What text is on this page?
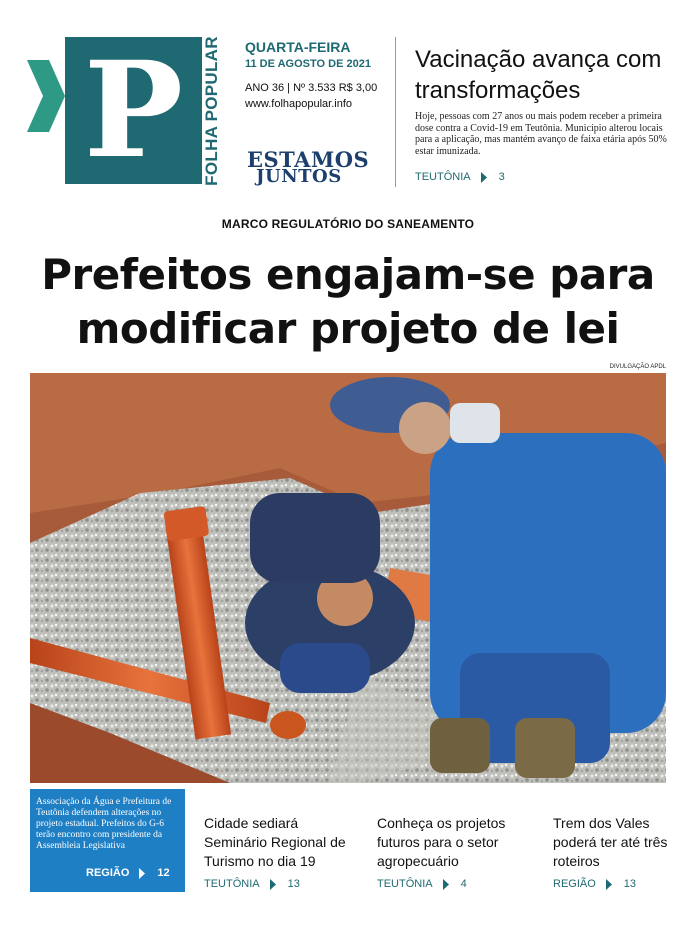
P	FOLHA POPULAR QUARTA-FEIRA
11 DE AGOSTO DE 2021
ANO 36 | Nº 3.533 R$ 3,00
www.folhapopular.info
ESTAMOS
JUNTOS
Vacinação avança com transformações
Hoje, pessoas com 27 anos ou mais podem receber a primeira dose contra a Covid-19 em Teutônia. Município alterou locais para a aplicação, mas mantém avanço de faixa etária após 50% estar imunizada.
TEUTÔNIA	3
MARCO REGULATÓRIO DO SANEAMENTO
Prefeitos engajam-se para modificar projeto de lei
DIVULGAÇÃO APDL
Associação da Água e Prefeitura de Teutônia defendem alterações no projeto estadual. Prefeitos do G-6 terão encontro com presidente da Assembleia Legislativa
REGIÃO	12
Cidade sediará Seminário Regional de Turismo no dia 19
TEUTÔNIA	13
Conheça os projetos futuros para o setor agropecuário
TEUTÔNIA	4
Trem dos Vales poderá ter até três roteiros
REGIÃO	13
